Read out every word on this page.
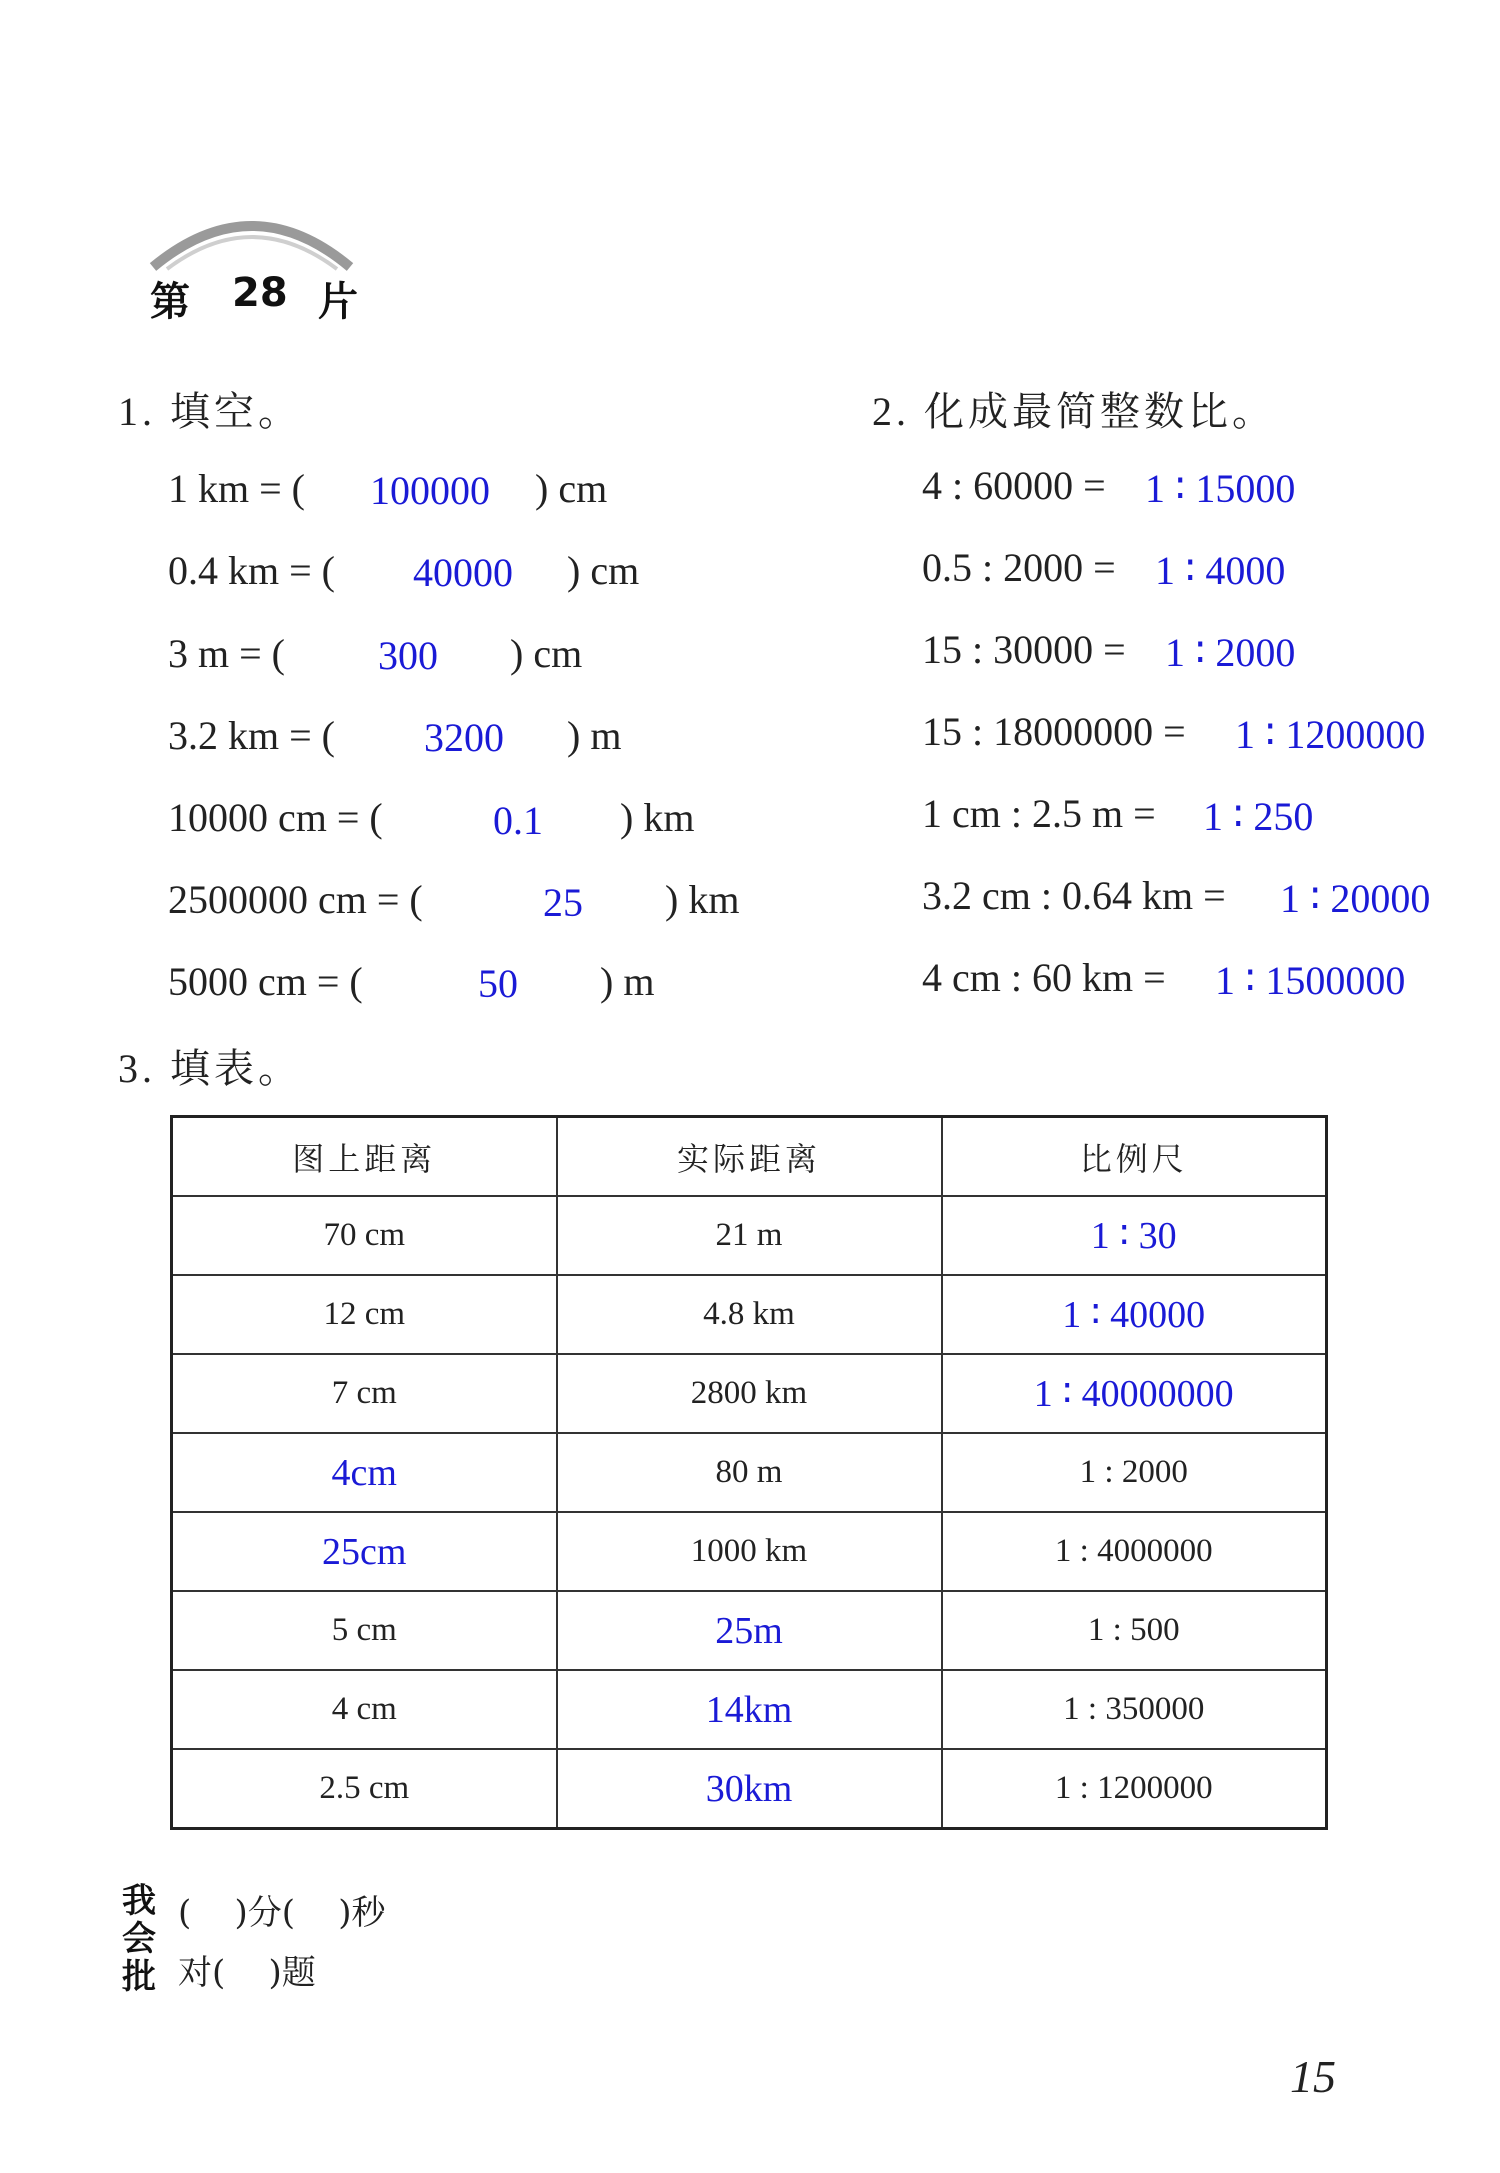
第 28 片
1. 填空。
1 km = ( 100000 ) cm
0.4 km = ( 40000 ) cm
3 m = ( 300 ) cm
3.2 km = ( 3200 ) m
10000 cm = (	0.1 ) km
2500000 cm = (	25 ) km
5000 cm = (	50 ) m
2. 化成最简整数比。
4 : 60000 = 1 ∶ 15000
0.5 : 2000 = 1 ∶ 4000
15 : 30000 = 1 ∶ 2000
15 : 18000000 = 1 ∶ 1200000
1 cm : 2.5 m = 1 ∶ 250
3.2 cm : 0.64 km = 1 ∶ 20000
4 cm : 60 km = 1 ∶ 1500000
3. 填表。
图上距离	实际距离	比例尺
70 cm	21 m	1 ∶ 30
12 cm	4.8 km	1 ∶ 40000
7 cm	2800 km	1 ∶ 40000000
4cm	80 m	1 : 2000
25cm	1000 km	1 : 4000000
5 cm	25m	1 : 500
4 cm	14km	1 : 350000
2.5 cm	30km	1 : 1200000
我
会
批
(    )分(    )秒
对(    )题
15
